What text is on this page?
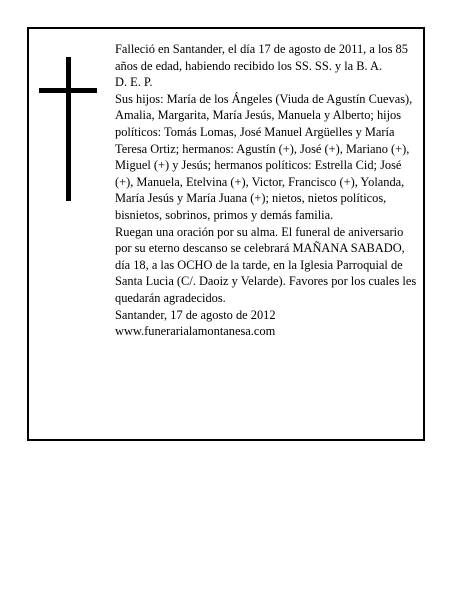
Falleció en Santander, el día 17 de agosto de 2011, a los 85 años de edad, habiendo recibido los SS. SS. y la B. A.

D. E. P.

Sus hijos: María de los Ángeles (Viuda de Agustín Cuevas), Amalia, Margarita, María Jesús, Manuela y Alberto; hijos políticos: Tomás Lomas, José Manuel Argüelles y María Teresa Ortiz; hermanos: Agustín (+), José (+), Mariano (+), Miguel (+) y Jesús; hermanos políticos: Estrella Cid; José (+), Manuela, Etelvina (+), Victor, Francisco (+), Yolanda, María Jesús y María Juana (+); nietos, nietos políticos, bisnietos, sobrinos, primos y demás familia.

Ruegan una oración por su alma. El funeral de aniversario por su eterno descanso se celebrará MAÑANA SABADO, día 18, a las OCHO de la tarde, en la Iglesia Parroquial de Santa Lucia (C/. Daoiz y Velarde). Favores por los cuales les quedarán agradecidos.

Santander, 17 de agosto de 2012

www.funerarialamontanesa.com
